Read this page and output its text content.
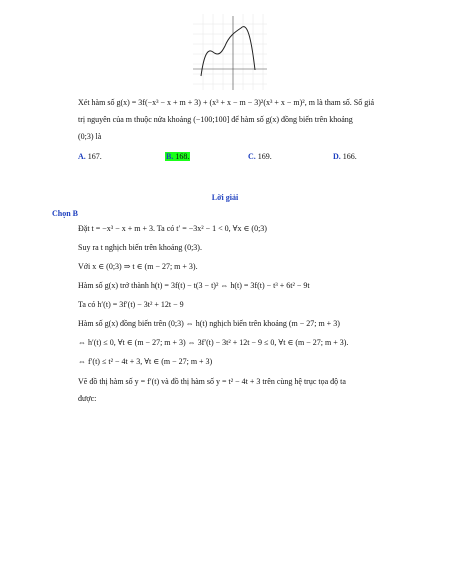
Xét hàm số g(x) = 3f(−x³ − x + m + 3) + (x³ + x − m − 3)²(x³ + x − m)², m là tham số. Số giá
trị nguyên của m thuộc nửa khoảng (−100;100] để hàm số g(x) đồng biến trên khoảng
(0;3) là
A. 167.	B. 168.	C. 169.	D. 166.
Lời giải
Chọn B
Đặt t = −x³ − x + m + 3. Ta có t′ = −3x² − 1 < 0, ∀x ∈ (0;3)
Suy ra t nghịch biến trên khoảng (0;3).
Với x ∈ (0;3) ⇒ t ∈ (m − 27; m + 3).
Hàm số g(x) trở thành h(t) = 3f(t) − t(3 − t)² ⇔ h(t) = 3f(t) − t³ + 6t² − 9t
Ta có h′(t) = 3f′(t) − 3t² + 12t − 9
Hàm số g(x) đồng biến trên (0;3) ⇔ h(t) nghịch biến trên khoảng (m − 27; m + 3)
⇔ h′(t) ≤ 0, ∀t ∈ (m − 27; m + 3) ⇔ 3f′(t) − 3t² + 12t − 9 ≤ 0, ∀t ∈ (m − 27; m + 3).
⇔ f′(t) ≤ t² − 4t + 3, ∀t ∈ (m − 27; m + 3)
Vẽ đồ thị hàm số y = f′(t) và đồ thị hàm số y = t² − 4t + 3 trên cùng hệ trục tọa độ ta
được:
